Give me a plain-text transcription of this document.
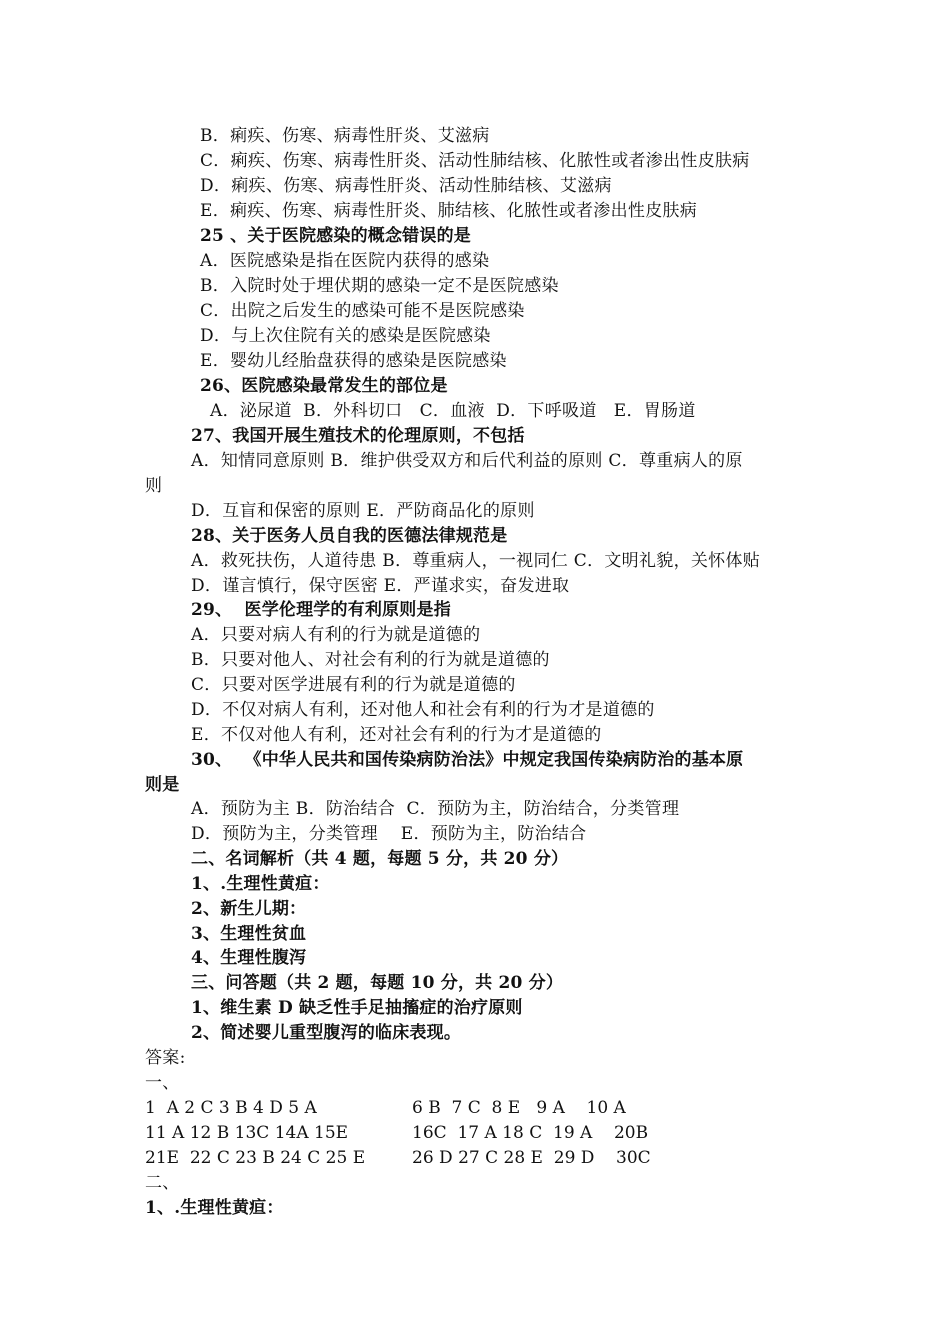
B．痢疾、伤寒、病毒性肝炎、艾滋病
C．痢疾、伤寒、病毒性肝炎、活动性肺结核、化脓性或者渗出性皮肤病
D．痢疾、伤寒、病毒性肝炎、活动性肺结核、艾滋病
E．痢疾、伤寒、病毒性肝炎、肺结核、化脓性或者渗出性皮肤病
25 、关于医院感染的概念错误的是
A．医院感染是指在医院内获得的感染
B．入院时处于埋伏期的感染一定不是医院感染
C．出院之后发生的感染可能不是医院感染
D．与上次住院有关的感染是医院感染
E．婴幼儿经胎盘获得的感染是医院感染
26、医院感染最常发生的部位是
A．泌尿道  B．外科切口   C．血液  D．下呼吸道   E．胃肠道
27、我国开展生殖技术的伦理原则，不包括
A．知情同意原则 B．维护供受双方和后代利益的原则 C．尊重病人的原
则
D．互盲和保密的原则 E．严防商品化的原则
28、关于医务人员自我的医德法律规范是
A．救死扶伤，人道待患 B．尊重病人，一视同仁 C．文明礼貌，关怀体贴
D．谨言慎行，保守医密 E．严谨求实，奋发进取
29、  医学伦理学的有利原则是指
A．只要对病人有利的行为就是道德的
B．只要对他人、对社会有利的行为就是道德的
C．只要对医学进展有利的行为就是道德的
D．不仅对病人有利，还对他人和社会有利的行为才是道德的
E．不仅对他人有利，还对社会有利的行为才是道德的
30、  《中华人民共和国传染病防治法》中规定我国传染病防治的基本原
则是
A．预防为主 B．防治结合  C．预防为主，防治结合，分类管理
D．预防为主，分类管理    E．预防为主，防治结合
二、名词解析（共 4 题，每题 5 分，共 20 分）
1、.生理性黄疸：
2、新生儿期：
3、生理性贫血
4、生理性腹泻
三、问答题（共 2 题，每题 10 分，共 20 分）
1、维生素 D 缺乏性手足抽搐症的治疗原则
2、简述婴儿重型腹泻的临床表现。
答案:
一、
1  A 2 C 3 B 4 D 5 A	6 B  7 C  8 E   9 A    10 A
11 A 12 B 13C 14A 15E	16C  17 A 18 C  19 A    20B
21E  22 C 23 B 24 C 25 E	26 D 27 C 28 E  29 D    30C
二、
1、.生理性黄疸：
